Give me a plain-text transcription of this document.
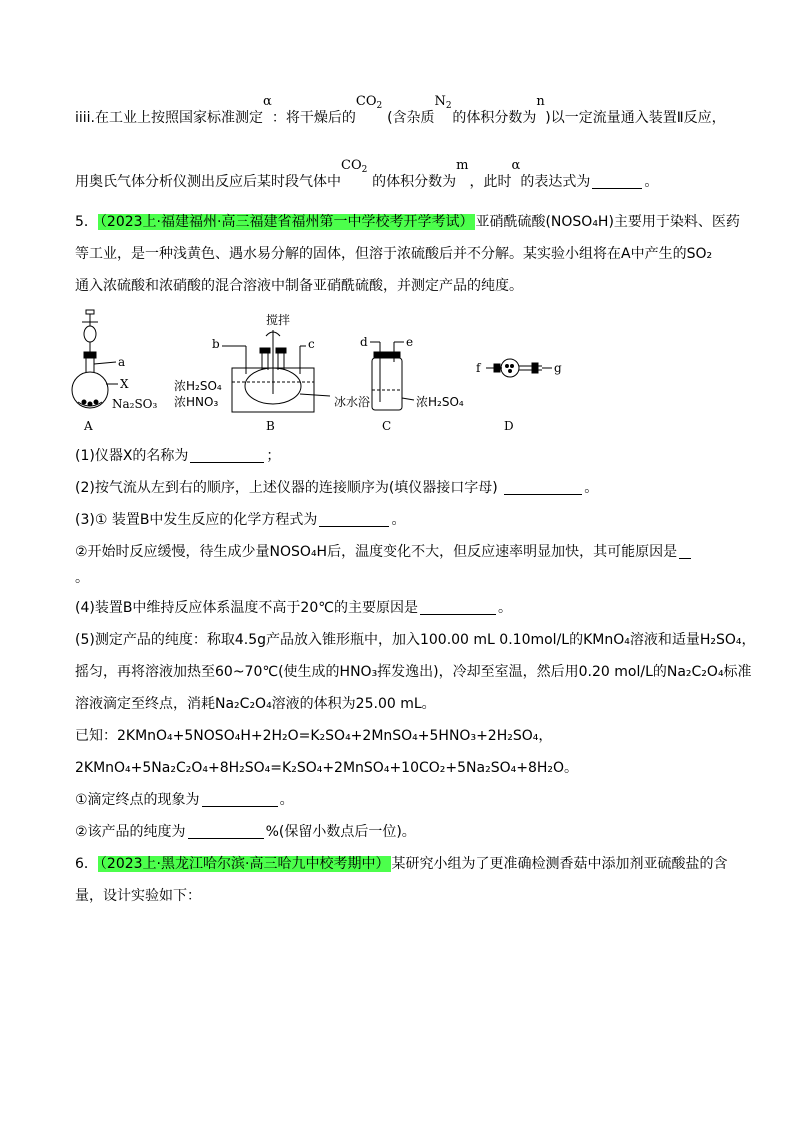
iiii.在工业上按照国家标准测定
α
​  ：将干燥后的
$CO_2$
(含杂质
$N_2$
的体积分数为
n
)以一定流量通入装置Ⅱ反应，
用奥氏气体分析仪测出反应后某时段气体中
$CO_2$
的体积分数为
m
，此时
α
的表达式为	。
5． （2023上·福建福州·高三福建省福州第一中学校考开学考试） 亚硝酰硫酸(NOSO₄H)主要用于染料、医药
等工业，是一种浅黄色、遇水易分解的固体，但溶于浓硫酸后并不分解。某实验小组将在A中产生的SO₂
通入浓硫酸和浓硝酸的混合溶液中制备亚硝酰硫酸，并测定产品的纯度。
a
X
Na₂SO₃
A
搅拌
b	c
浓H₂SO₄
浓HNO₃	冰水浴
B
d	e
浓H₂SO₄
C
f	g
D
(1)仪器X的名称为	；
(2)按气流从左到右的顺序，上述仪器的连接顺序为(填仪器接口字母)	。
(3)① 装置B中发生反应的化学方程式为	。
②开始时反应缓慢，待生成少量NOSO₄H后，温度变化不大，但反应速率明显加快，其可能原因是
。
(4)装置B中维持反应体系温度不高于20℃的主要原因是	。
(5)测定产品的纯度：称取4.5g产品放入锥形瓶中，加入100.00 mL 0.10mol/L的KMnO₄溶液和适量H₂SO₄，
摇匀，再将溶液加热至60~70℃(使生成的HNO₃挥发逸出)，冷却至室温，然后用0.20 mol/L的Na₂C₂O₄标准
溶液滴定至终点，消耗Na₂C₂O₄溶液的体积为25.00 mL。
已知：2KMnO₄+5NOSO₄H+2H₂O=K₂SO₄+2MnSO₄+5HNO₃+2H₂SO₄，
2KMnO₄+5Na₂C₂O₄+8H₂SO₄=K₂SO₄+2MnSO₄+10CO₂+5Na₂SO₄+8H₂O。
①滴定终点的现象为	。
②该产品的纯度为	%(保留小数点后一位)。
6． （2023上·黑龙江哈尔滨·高三哈九中校考期中） 某研究小组为了更准确检测香菇中添加剂亚硫酸盐的含
量，设计实验如下：
